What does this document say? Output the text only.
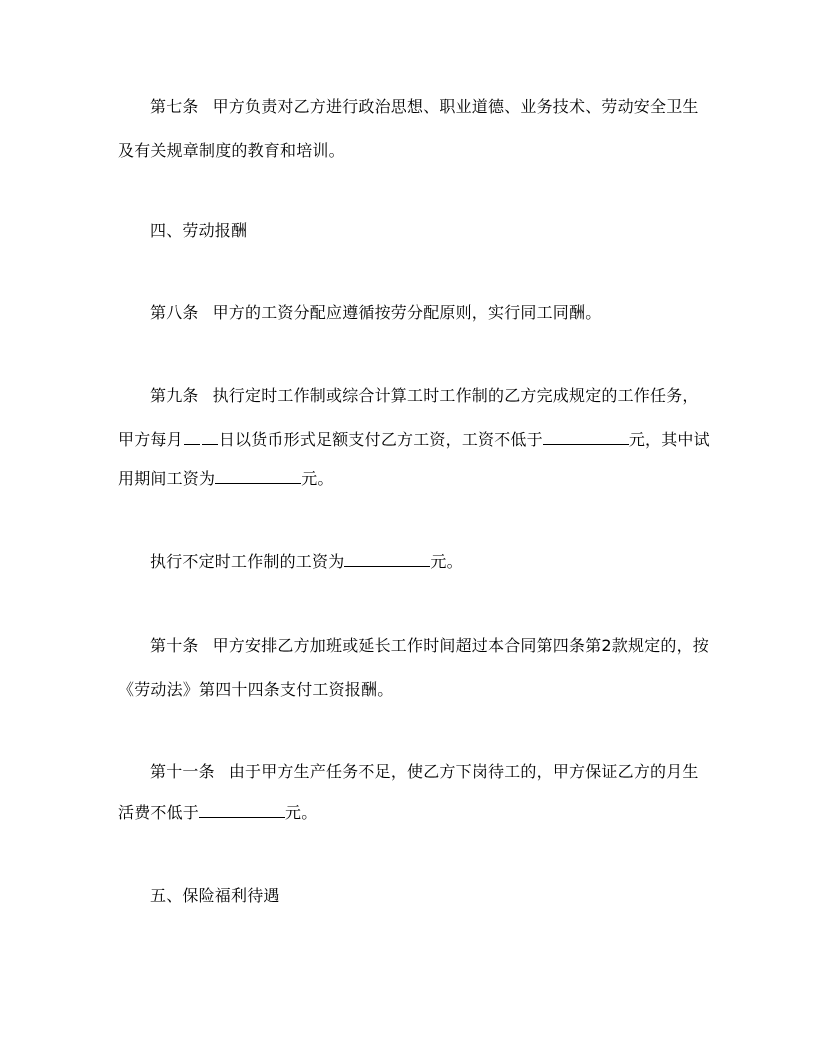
第七条 甲方负责对乙方进行政治思想、职业道德、业务技术、劳动安全卫生
及有关规章制度的教育和培训。
四、劳动报酬
第八条 甲方的工资分配应遵循按劳分配原则，实行同工同酬。
第九条 执行定时工作制或综合计算工时工作制的乙方完成规定的工作任务，
甲方每月 日以货币形式足额支付乙方工资，工资不低于	元，其中试
用期间工资为	元。
执行不定时工作制的工资为	元。
第十条 甲方安排乙方加班或延长工作时间超过本合同第四条第2款规定的，按
《劳动法》第四十四条支付工资报酬。
第十一条 由于甲方生产任务不足，使乙方下岗待工的，甲方保证乙方的月生
活费不低于	元。
五、保险福利待遇
